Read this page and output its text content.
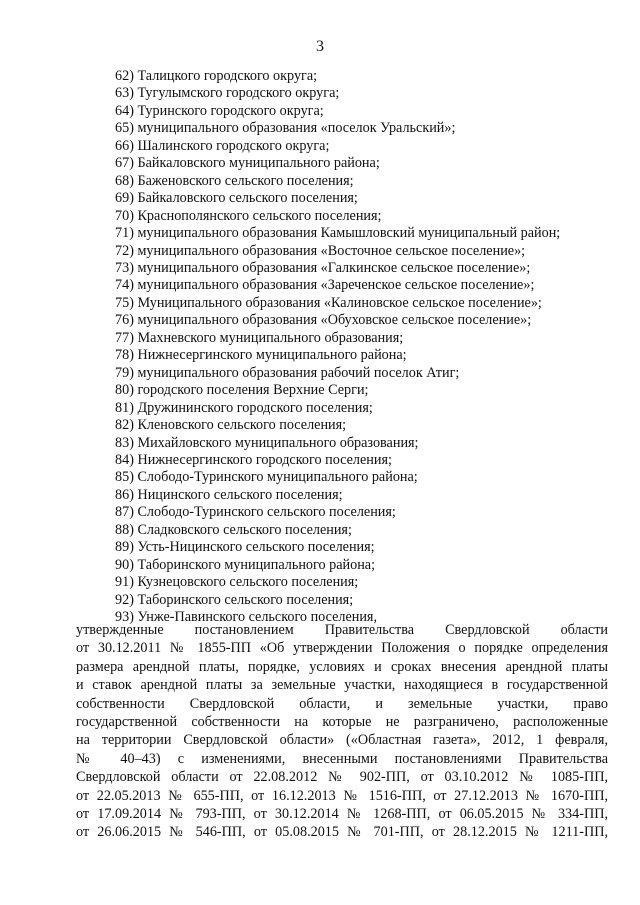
3
62) Талицкого городского округа;
63) Тугулымского городского округа;
64) Туринского городского округа;
65) муниципального образования «поселок Уральский»;
66) Шалинского городского округа;
67) Байкаловского муниципального района;
68) Баженовского сельского поселения;
69) Байкаловского сельского поселения;
70) Краснополянского сельского поселения;
71) муниципального образования Камышловский муниципальный район;
72) муниципального образования «Восточное сельское поселение»;
73) муниципального образования «Галкинское сельское поселение»;
74) муниципального образования «Зареченское сельское поселение»;
75) Муниципального образования «Калиновское сельское поселение»;
76) муниципального образования «Обуховское сельское поселение»;
77) Махневского муниципального образования;
78) Нижнесергинского муниципального района;
79) муниципального образования рабочий поселок Атиг;
80) городского поселения Верхние Серги;
81) Дружининского городского поселения;
82) Кленовского сельского поселения;
83) Михайловского муниципального образования;
84) Нижнесергинского городского поселения;
85) Слободо-Туринского муниципального района;
86) Ницинского сельского поселения;
87) Слободо-Туринского сельского поселения;
88) Сладковского сельского поселения;
89) Усть-Ницинского сельского поселения;
90) Таборинского муниципального района;
91) Кузнецовского сельского поселения;
92) Таборинского сельского поселения;
93) Унже-Павинского сельского поселения,
утвержденные постановлением Правительства Свердловской области
от 30.12.2011 № 1855-ПП «Об утверждении Положения о порядке определения
размера арендной платы, порядке, условиях и сроках внесения арендной платы
и ставок арендной платы за земельные участки, находящиеся в государственной
собственности Свердловской области, и земельные участки, право
государственной собственности на которые не разграничено, расположенные
на территории Свердловской области» («Областная газета», 2012, 1 февраля,
№ 40–43) с изменениями, внесенными постановлениями Правительства
Свердловской области от 22.08.2012 № 902-ПП, от 03.10.2012 № 1085-ПП,
от 22.05.2013 № 655-ПП, от 16.12.2013 № 1516-ПП, от 27.12.2013 № 1670-ПП,
от 17.09.2014 № 793-ПП, от 30.12.2014 № 1268-ПП, от 06.05.2015 № 334-ПП,
от 26.06.2015 № 546-ПП, от 05.08.2015 № 701-ПП, от 28.12.2015 № 1211-ПП,
